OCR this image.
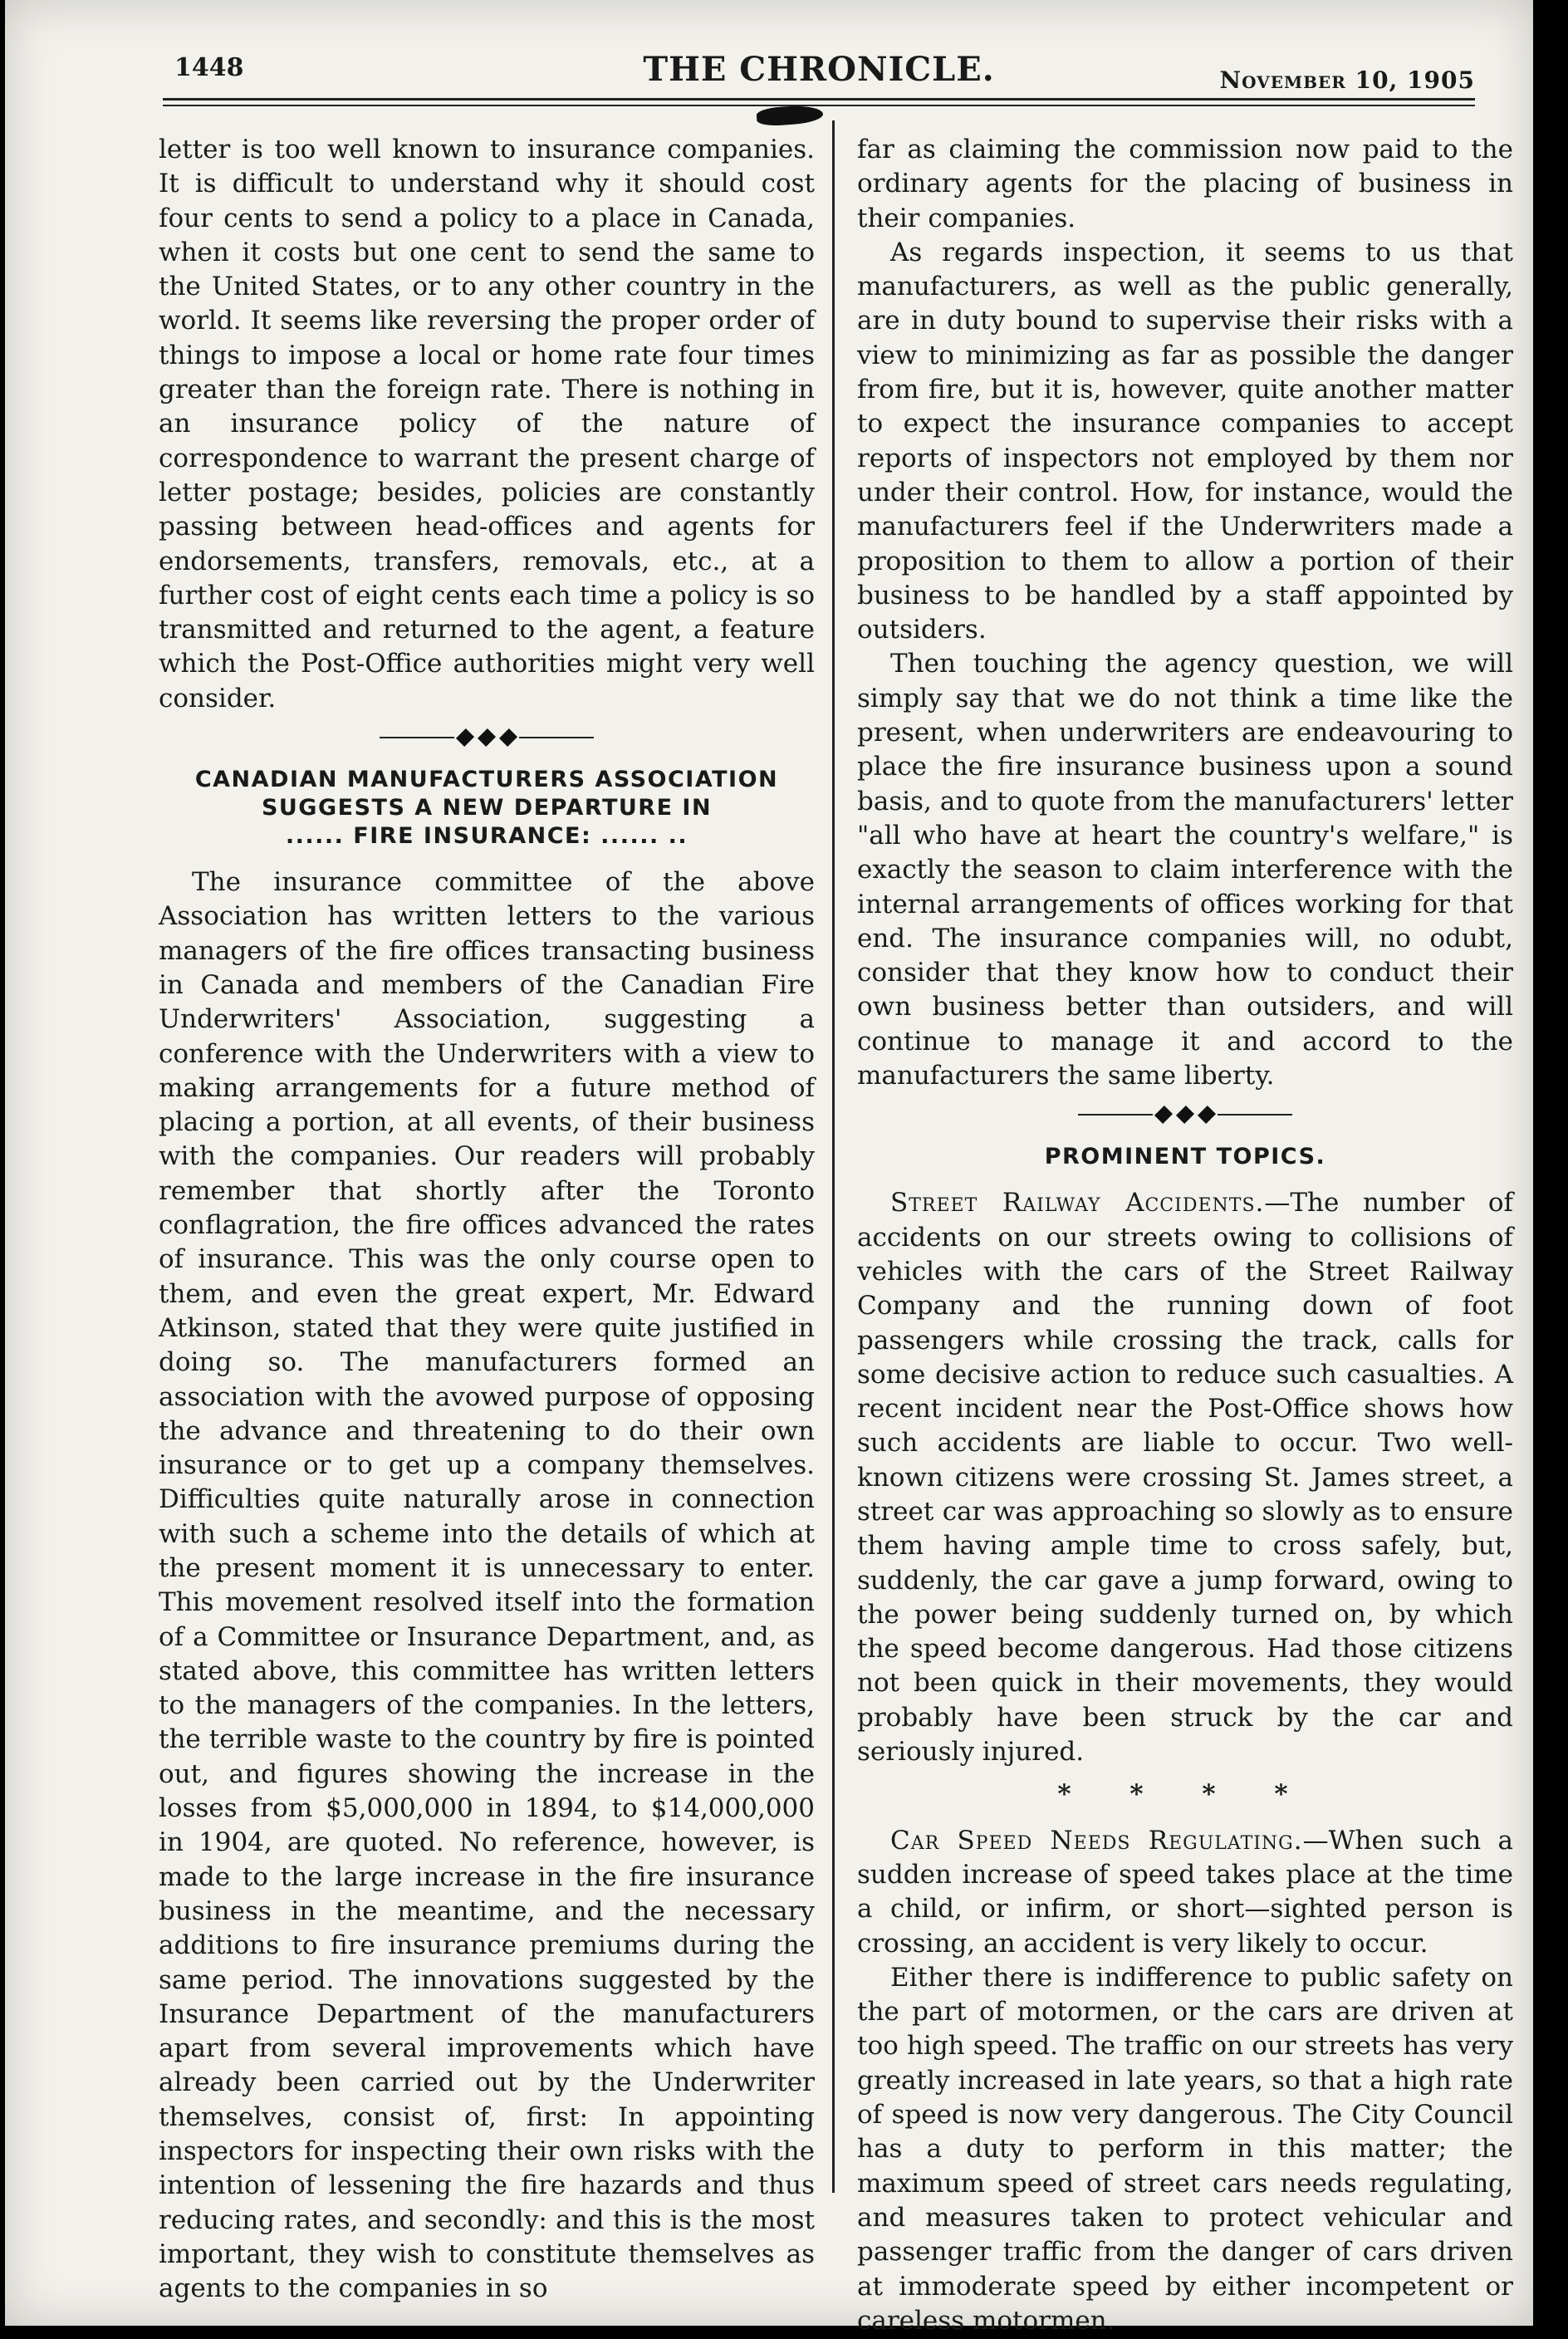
1448	THE CHRONICLE.	November 10, 1905

letter is too well known to insurance companies. It is difficult to understand why it should cost four cents to send a policy to a place in Canada, when it costs but one cent to send the same to the United States, or to any other country in the world. It seems like reversing the proper order of things to impose a local or home rate four times greater than the foreign rate. There is nothing in an insurance policy of the nature of correspondence to warrant the present charge of letter postage; besides, policies are constantly passing between head-offices and agents for endorsements, transfers, removals, etc., at a further cost of eight cents each time a policy is so transmitted and returned to the agent, a feature which the Post-Office authorities might very well consider.

CANADIAN MANUFACTURERS ASSOCIATION
SUGGESTS A NEW DEPARTURE IN
...... FIRE INSURANCE: ...... ..

The insurance committee of the above Association has written letters to the various managers of the fire offices transacting business in Canada and members of the Canadian Fire Underwriters' Association, suggesting a conference with the Underwriters with a view to making arrangements for a future method of placing a portion, at all events, of their business with the companies. Our readers will probably remember that shortly after the Toronto conflagration, the fire offices advanced the rates of insurance. This was the only course open to them, and even the great expert, Mr. Edward Atkinson, stated that they were quite justified in doing so. The manufacturers formed an association with the avowed purpose of opposing the advance and threatening to do their own insurance or to get up a company themselves. Difficulties quite naturally arose in connection with such a scheme into the details of which at the present moment it is unnecessary to enter. This movement resolved itself into the formation of a Committee or Insurance Department, and, as stated above, this committee has written letters to the managers of the companies. In the letters, the terrible waste to the country by fire is pointed out, and figures showing the increase in the losses from $5,000,000 in 1894, to $14,000,000 in 1904, are quoted. No reference, however, is made to the large increase in the fire insurance business in the meantime, and the necessary additions to fire insurance premiums during the same period. The innovations suggested by the Insurance Department of the manufacturers apart from several improvements which have already been carried out by the Underwriter themselves, consist of, first: In appointing inspectors for inspecting their own risks with the intention of lessening the fire hazards and thus reducing rates, and secondly: and this is the most important, they wish to constitute themselves as agents to the companies in so

far as claiming the commission now paid to the ordinary agents for the placing of business in their companies.

As regards inspection, it seems to us that manufacturers, as well as the public generally, are in duty bound to supervise their risks with a view to minimizing as far as possible the danger from fire, but it is, however, quite another matter to expect the insurance companies to accept reports of inspectors not employed by them nor under their control. How, for instance, would the manufacturers feel if the Underwriters made a proposition to them to allow a portion of their business to be handled by a staff appointed by outsiders.

Then touching the agency question, we will simply say that we do not think a time like the present, when underwriters are endeavouring to place the fire insurance business upon a sound basis, and to quote from the manufacturers' letter "all who have at heart the country's welfare," is exactly the season to claim interference with the internal arrangements of offices working for that end. The insurance companies will, no odubt, consider that they know how to conduct their own business better than outsiders, and will continue to manage it and accord to the manufacturers the same liberty.

PROMINENT TOPICS.

Street Railway Accidents.—The number of accidents on our streets owing to collisions of vehicles with the cars of the Street Railway Company and the running down of foot passengers while crossing the track, calls for some decisive action to reduce such casualties. A recent incident near the Post-Office shows how such accidents are liable to occur. Two well-known citizens were crossing St. James street, a street car was approaching so slowly as to ensure them having ample time to cross safely, but, suddenly, the car gave a jump forward, owing to the power being suddenly turned on, by which the speed become dangerous. Had those citizens not been quick in their movements, they would probably have been struck by the car and seriously injured.

* * * *

Car Speed Needs Regulating.—When such a sudden increase of speed takes place at the time a child, or infirm, or short—sighted person is crossing, an accident is very likely to occur.

Either there is indifference to public safety on the part of motormen, or the cars are driven at too high speed. The traffic on our streets has very greatly increased in late years, so that a high rate of speed is now very dangerous. The City Council has a duty to perform in this matter; the maximum speed of street cars needs regulating, and measures taken to protect vehicular and passenger traffic from the danger of cars driven at immoderate speed by either incompetent or careless motormen.
